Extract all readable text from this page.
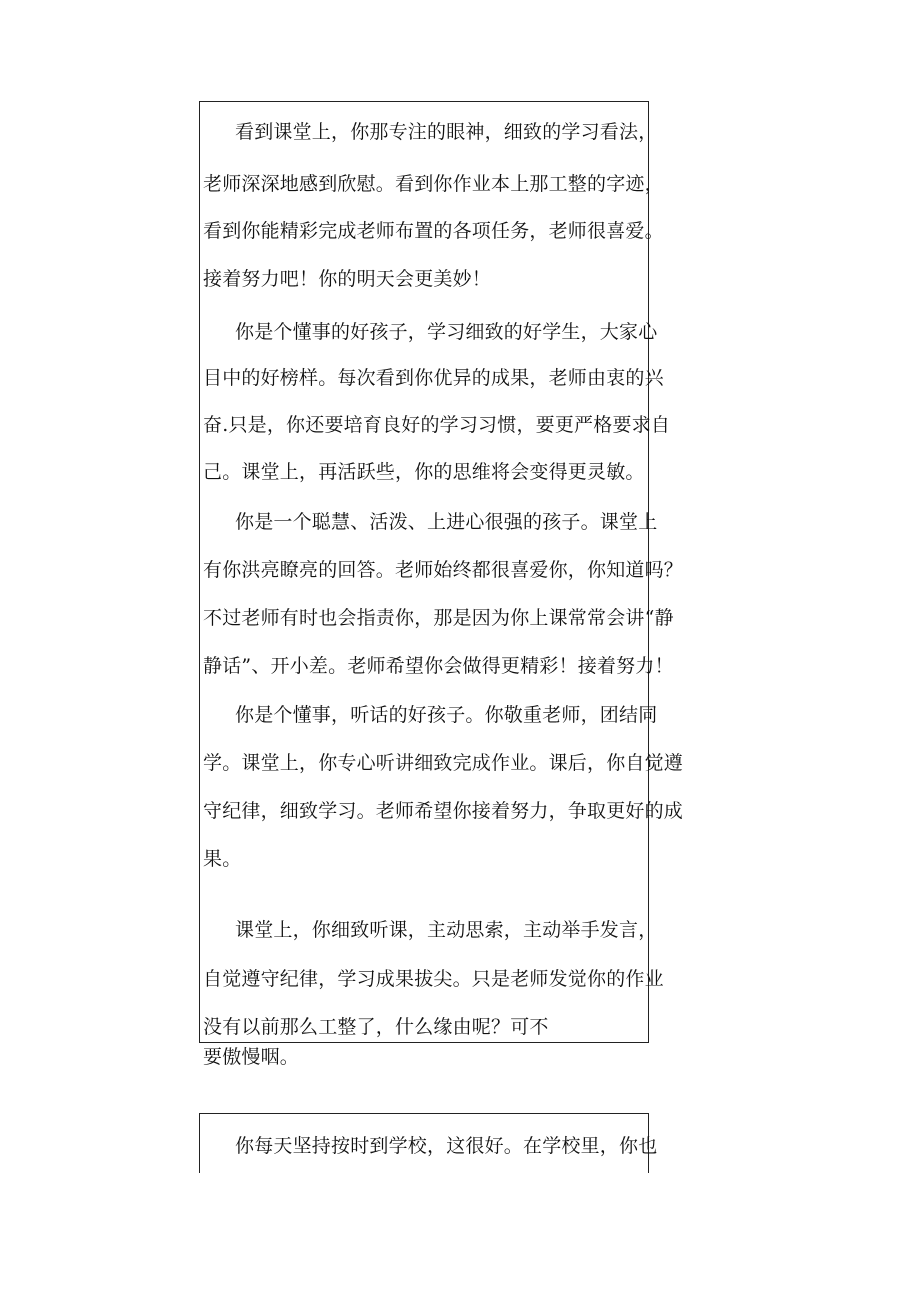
看到课堂上，你那专注的眼神，细致的学习看法，
老师深深地感到欣慰。看到你作业本上那工整的字迹，
看到你能精彩完成老师布置的各项任务，老师很喜爱。
接着努力吧！你的明天会更美妙！
你是个懂事的好孩子，学习细致的好学生，大家心
目中的好榜样。每次看到你优异的成果，老师由衷的兴
奋.只是，你还要培育良好的学习习惯，要更严格要求自
己。课堂上，再活跃些，你的思维将会变得更灵敏。
你是一个聪慧、活泼、上进心很强的孩子。课堂上
有你洪亮瞭亮的回答。老师始终都很喜爱你，你知道吗？
不过老师有时也会指责你，那是因为你上课常常会讲“静
静话”、开小差。老师希望你会做得更精彩！接着努力！
你是个懂事，听话的好孩子。你敬重老师，团结同
学。课堂上，你专心听讲细致完成作业。课后，你自觉遵
守纪律，细致学习。老师希望你接着努力，争取更好的成
果。
课堂上，你细致听课，主动思索，主动举手发言，
自觉遵守纪律，学习成果拔尖。只是老师发觉你的作业
没有以前那么工整了，什么缘由呢？可不
要傲慢咽。
你每天坚持按时到学校，这很好。在学校里，你也
